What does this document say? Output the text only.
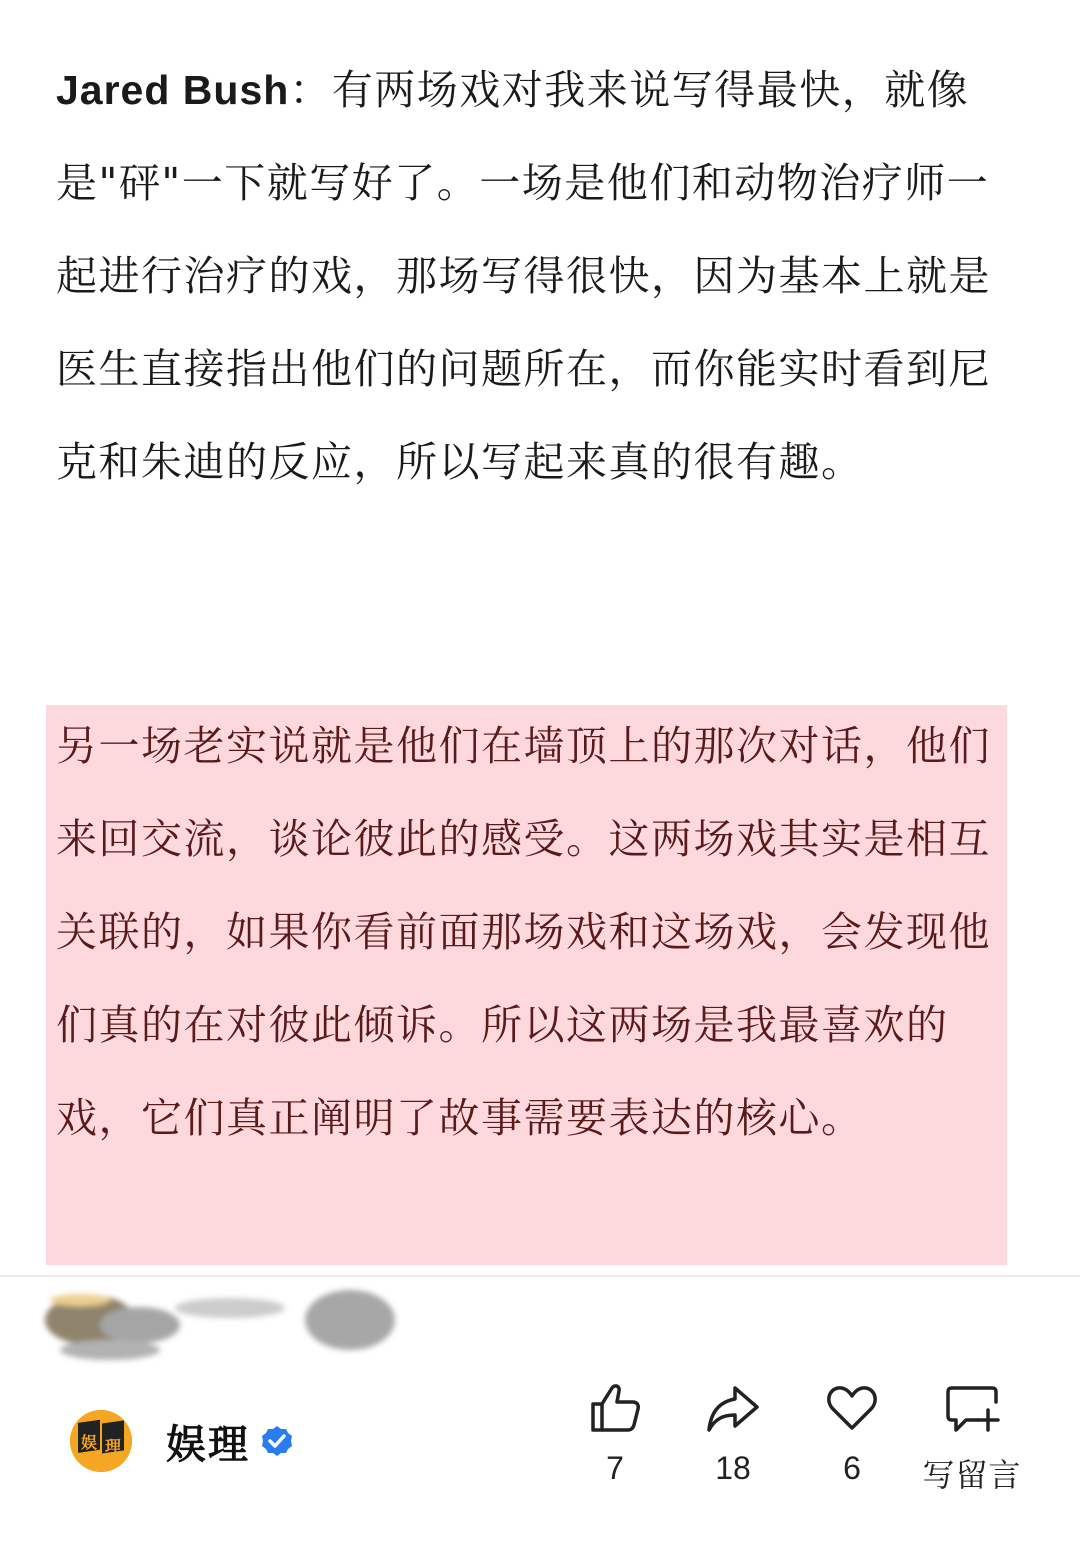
Jared Bush：有两场戏对我来说写得最快，就像是"砰"一下就写好了。一场是他们和动物治疗师一起进行治疗的戏，那场写得很快，因为基本上就是医生直接指出他们的问题所在，而你能实时看到尼克和朱迪的反应，所以写起来真的很有趣。

另一场老实说就是他们在墙顶上的那次对话，他们来回交流，谈论彼此的感受。这两场戏其实是相互关联的，如果你看前面那场戏和这场戏，会发现他们真的在对彼此倾诉。所以这两场是我最喜欢的戏，它们真正阐明了故事需要表达的核心。

娱 理 娱理
7	18	6	写留言
